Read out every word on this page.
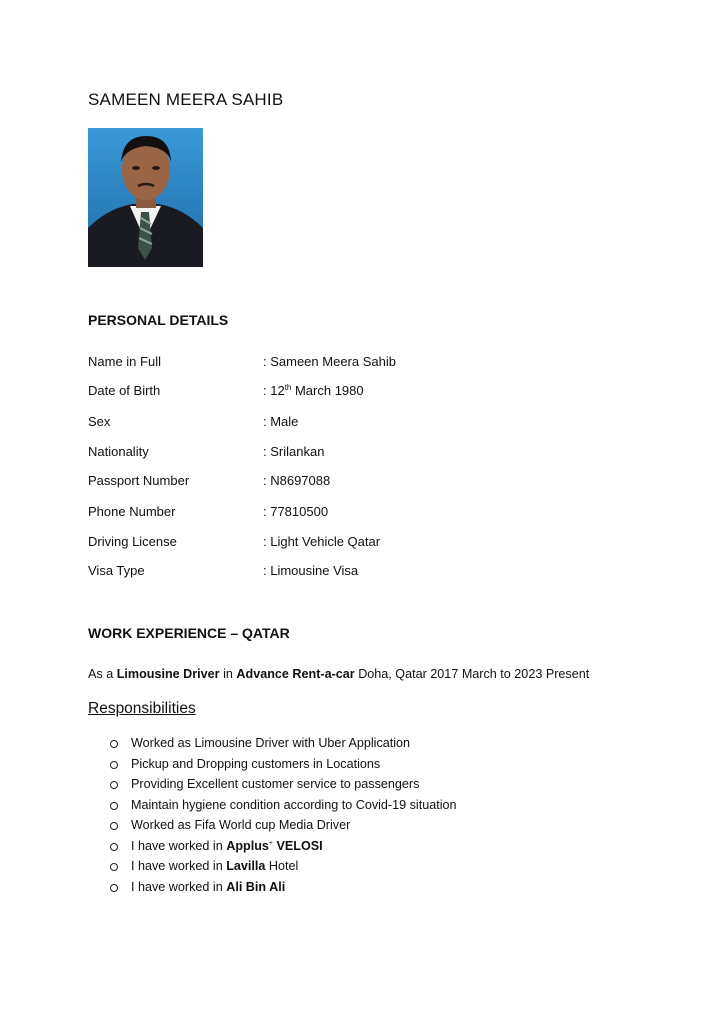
SAMEEN MEERA SAHIB
PERSONAL DETAILS
Name in Full	: Sameen Meera Sahib
Date of Birth	: 12th March 1980
Sex	: Male
Nationality	: Srilankan
Passport Number	: N8697088
Phone Number	: 77810500
Driving License	: Light Vehicle Qatar
Visa Type	: Limousine Visa
WORK EXPERIENCE – QATAR
As a Limousine Driver in Advance Rent-a-car Doha, Qatar 2017 March to 2023 Present
Responsibilities
Worked as Limousine Driver with Uber Application
Pickup and Dropping customers in Locations
Providing Excellent customer service to passengers
Maintain hygiene condition according to Covid-19 situation
Worked as Fifa World cup Media Driver
I have worked in Applus+ VELOSI
I have worked in Lavilla Hotel
I have worked in Ali Bin Ali
